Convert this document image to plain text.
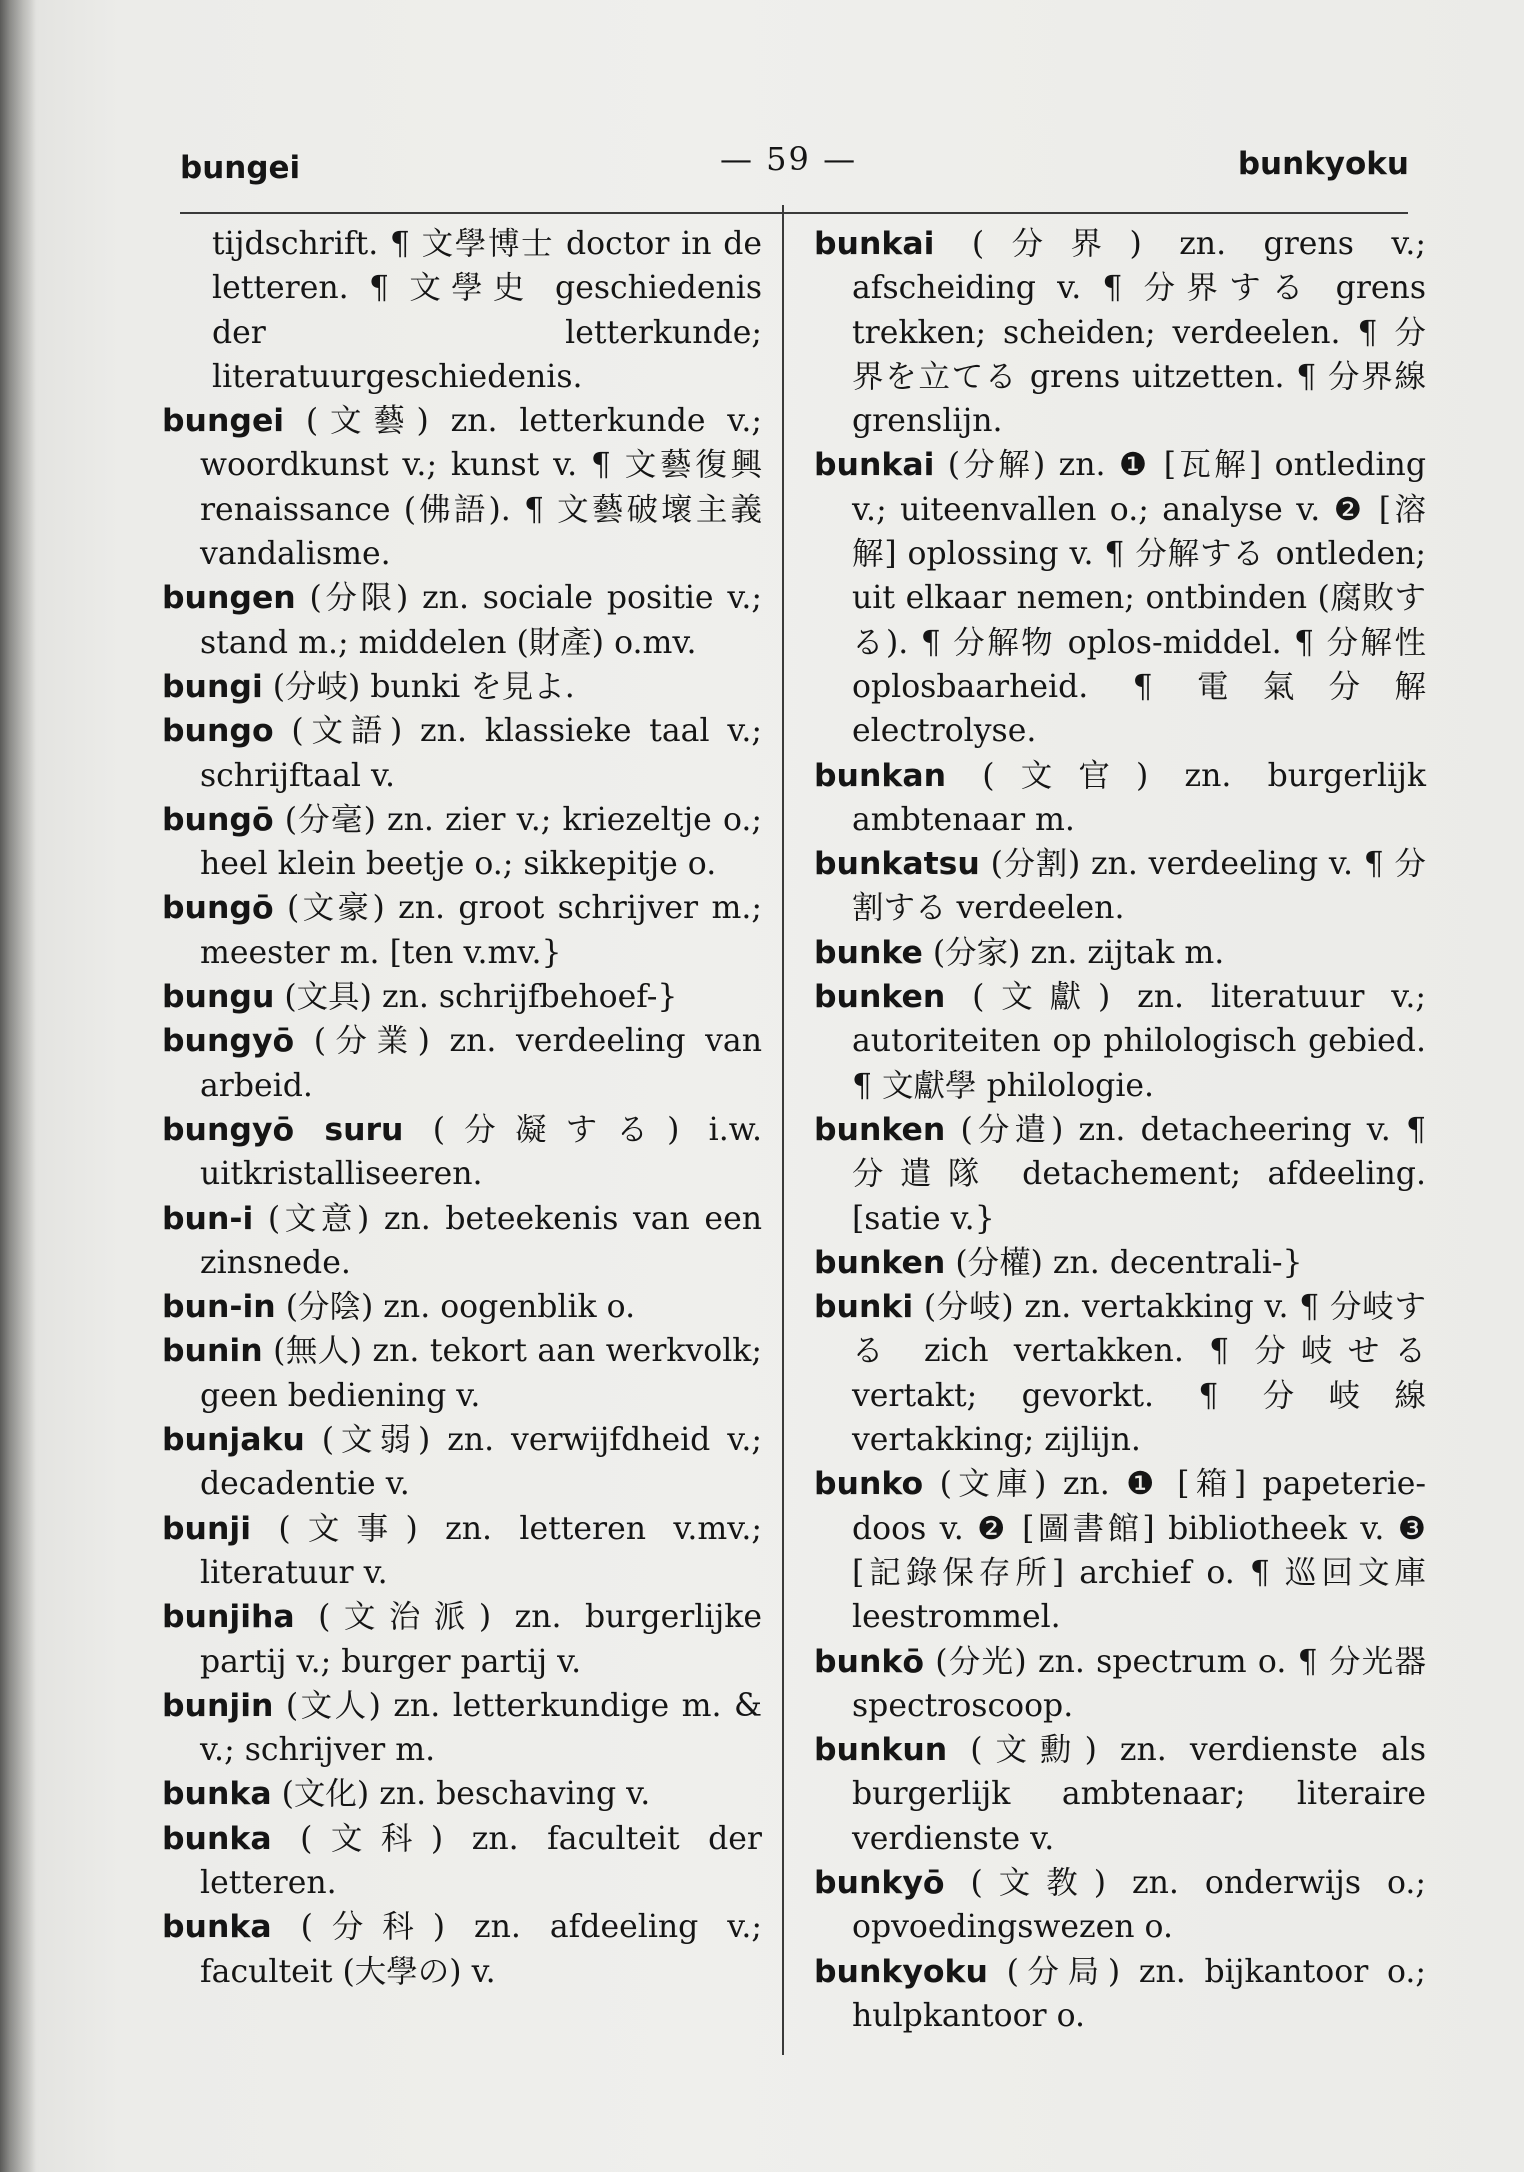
bungei	— 59 —	bunkyoku

tijdschrift. ¶ 文學博士 doctor in de letteren. ¶ 文學史 geschiedenis der letterkunde; literatuurgeschiedenis.

bungei (文藝) zn. letterkunde v.; woordkunst v.; kunst v. ¶ 文藝復興 renaissance (佛語). ¶ 文藝破壞主義 vandalisme.

bungen (分限) zn. sociale positie v.; stand m.; middelen (財產) o.mv.

bungi (分岐) bunki を見よ.

bungo (文語) zn. klassieke taal v.; schrijftaal v.

bungō (分毫) zn. zier v.; kriezeltje o.; heel klein beetje o.; sikkepitje o.

bungō (文豪) zn. groot schrijver m.; meester m. [ten v.mv.}

bungu (文具) zn. schrijfbehoef-}

bungyō (分業) zn. verdeeling van arbeid.

bungyō suru (分凝する) i.w. uitkristalliseeren.

bun-i (文意) zn. beteekenis van een zinsnede.

bun-in (分陰) zn. oogenblik o.

bunin (無人) zn. tekort aan werkvolk; geen bediening v.

bunjaku (文弱) zn. verwijfdheid v.; decadentie v.

bunji (文事) zn. letteren v.mv.; literatuur v.

bunjiha (文治派) zn. burgerlijke partij v.; burger partij v.

bunjin (文人) zn. letterkundige m. & v.; schrijver m.

bunka (文化) zn. beschaving v.

bunka (文科) zn. faculteit der letteren.

bunka (分科) zn. afdeeling v.; faculteit (大學の) v.

bunkai (分界) zn. grens v.; afscheiding v. ¶ 分界する grens trekken; scheiden; verdeelen. ¶ 分界を立てる grens uitzetten. ¶ 分界線 grenslijn.

bunkai (分解) zn. ❶ [瓦解] ontleding v.; uiteenvallen o.; analyse v. ❷ [溶解] oplossing v. ¶ 分解する ontleden; uit elkaar nemen; ontbinden (腐敗する). ¶ 分解物 oplos-middel. ¶ 分解性 oplosbaarheid. ¶ 電氣分解 electrolyse.

bunkan (文官) zn. burgerlijk ambtenaar m.

bunkatsu (分割) zn. verdeeling v. ¶ 分割する verdeelen.

bunke (分家) zn. zijtak m.

bunken (文獻) zn. literatuur v.; autoriteiten op philologisch gebied. ¶ 文獻學 philologie.

bunken (分遣) zn. detacheering v. ¶ 分遣隊 detachement; afdeeling. [satie v.}

bunken (分權) zn. decentrali-}

bunki (分岐) zn. vertakking v. ¶ 分岐する zich vertakken. ¶ 分岐せる vertakt; gevorkt. ¶ 分岐線 vertakking; zijlijn.

bunko (文庫) zn. ❶ [箱] papeterie-doos v. ❷ [圖書館] bibliotheek v. ❸ [記錄保存所] archief o. ¶ 巡回文庫 leestrommel.

bunkō (分光) zn. spectrum o. ¶ 分光器 spectroscoop.

bunkun (文勳) zn. verdienste als burgerlijk ambtenaar; literaire verdienste v.

bunkyō (文教) zn. onderwijs o.; opvoedingswezen o.

bunkyoku (分局) zn. bijkantoor o.; hulpkantoor o.
